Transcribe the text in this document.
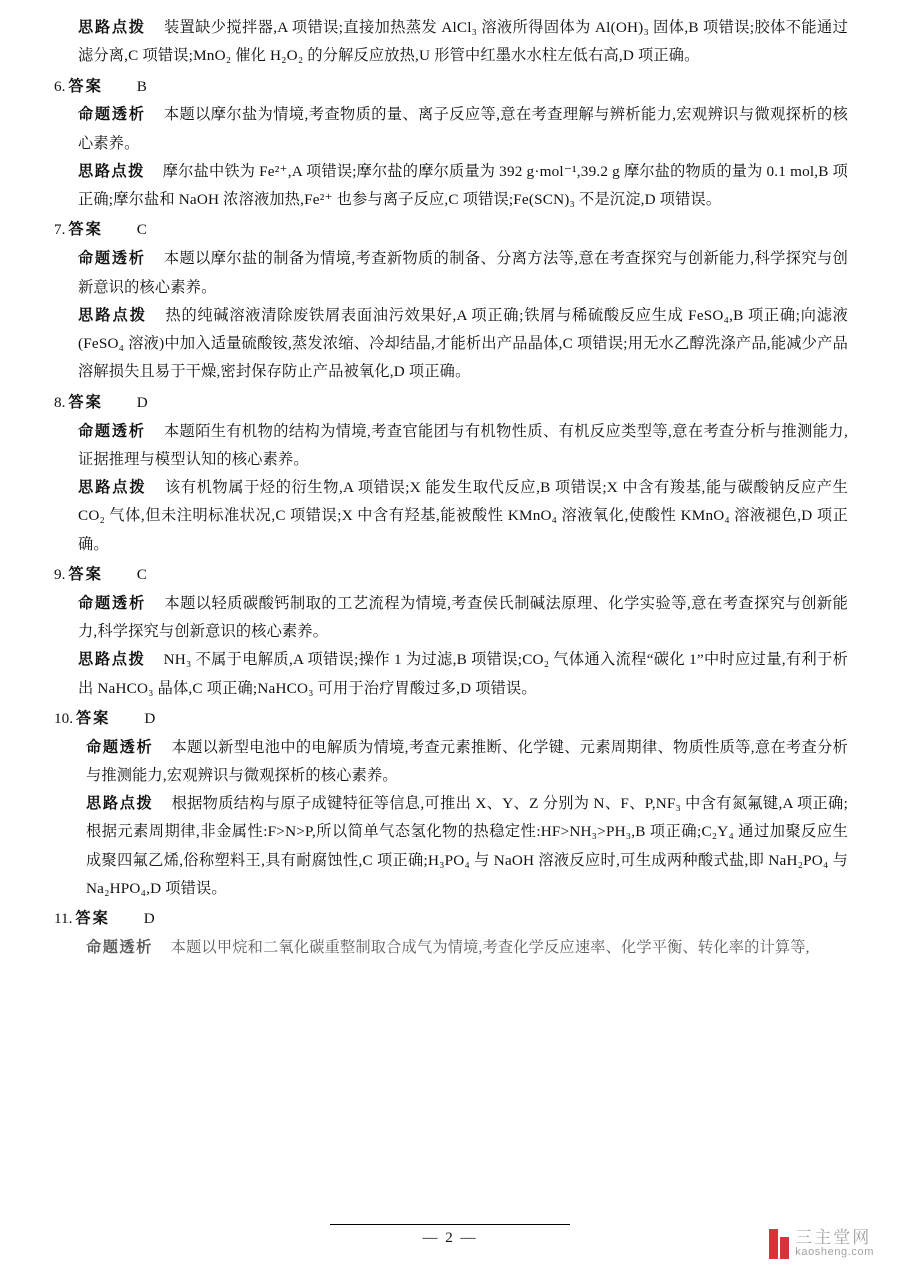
思路点拨 装置缺少搅拌器,A 项错误;直接加热蒸发 AlCl₃ 溶液所得固体为 Al(OH)₃ 固体,B 项错误;胶体不能通过滤分离,C 项错误;MnO₂ 催化 H₂O₂ 的分解反应放热,U 形管中红墨水水柱左低右高,D 项正确。
6. 答案 B
命题透析 本题以摩尔盐为情境,考查物质的量、离子反应等,意在考查理解与辨析能力,宏观辨识与微观探析的核心素养。
思路点拨 摩尔盐中铁为 Fe²⁺,A 项错误;摩尔盐的摩尔质量为 392 g·mol⁻¹,39.2 g 摩尔盐的物质的量为 0.1 mol,B 项正确;摩尔盐和 NaOH 浓溶液加热,Fe²⁺ 也参与离子反应,C 项错误;Fe(SCN)₃ 不是沉淀,D 项错误。
7. 答案 C
命题透析 本题以摩尔盐的制备为情境,考查新物质的制备、分离方法等,意在考查探究与创新能力,科学探究与创新意识的核心素养。
思路点拨 热的纯碱溶液清除废铁屑表面油污效果好,A 项正确;铁屑与稀硫酸反应生成 FeSO₄,B 项正确;向滤液(FeSO₄ 溶液)中加入适量硫酸铵,蒸发浓缩、冷却结晶,才能析出产品晶体,C 项错误;用无水乙醇洗涤产品,能减少产品溶解损失且易于干燥,密封保存防止产品被氧化,D 项正确。
8. 答案 D
命题透析 本题陌生有机物的结构为情境,考查官能团与有机物性质、有机反应类型等,意在考查分析与推测能力,证据推理与模型认知的核心素养。
思路点拨 该有机物属于烃的衍生物,A 项错误;X 能发生取代反应,B 项错误;X 中含有羧基,能与碳酸钠反应产生 CO₂ 气体,但未注明标准状况,C 项错误;X 中含有羟基,能被酸性 KMnO₄ 溶液氧化,使酸性 KMnO₄ 溶液褪色,D 项正确。
9. 答案 C
命题透析 本题以轻质碳酸钙制取的工艺流程为情境,考查侯氏制碱法原理、化学实验等,意在考查探究与创新能力,科学探究与创新意识的核心素养。
思路点拨 NH₃ 不属于电解质,A 项错误;操作 1 为过滤,B 项错误;CO₂ 气体通入流程“碳化 1”中时应过量,有利于析出 NaHCO₃ 晶体,C 项正确;NaHCO₃ 可用于治疗胃酸过多,D 项错误。
10. 答案 D
命题透析 本题以新型电池中的电解质为情境,考查元素推断、化学键、元素周期律、物质性质等,意在考查分析与推测能力,宏观辨识与微观探析的核心素养。
思路点拨 根据物质结构与原子成键特征等信息,可推出 X、Y、Z 分别为 N、F、P,NF₃ 中含有氮氟键,A 项正确;根据元素周期律,非金属性:F>N>P,所以简单气态氢化物的热稳定性:HF>NH₃>PH₃,B 项正确;C₂Y₄ 通过加聚反应生成聚四氟乙烯,俗称塑料王,具有耐腐蚀性,C 项正确;H₃PO₄ 与 NaOH 溶液反应时,可生成两种酸式盐,即 NaH₂PO₄ 与 Na₂HPO₄,D 项错误。
11. 答案 D
命题透析 本题以甲烷和二氧化碳重整制取合成气为情境,考查化学反应速率、化学平衡、转化率的计算等,
— 2 —	三主堂网
kaosheng.com
